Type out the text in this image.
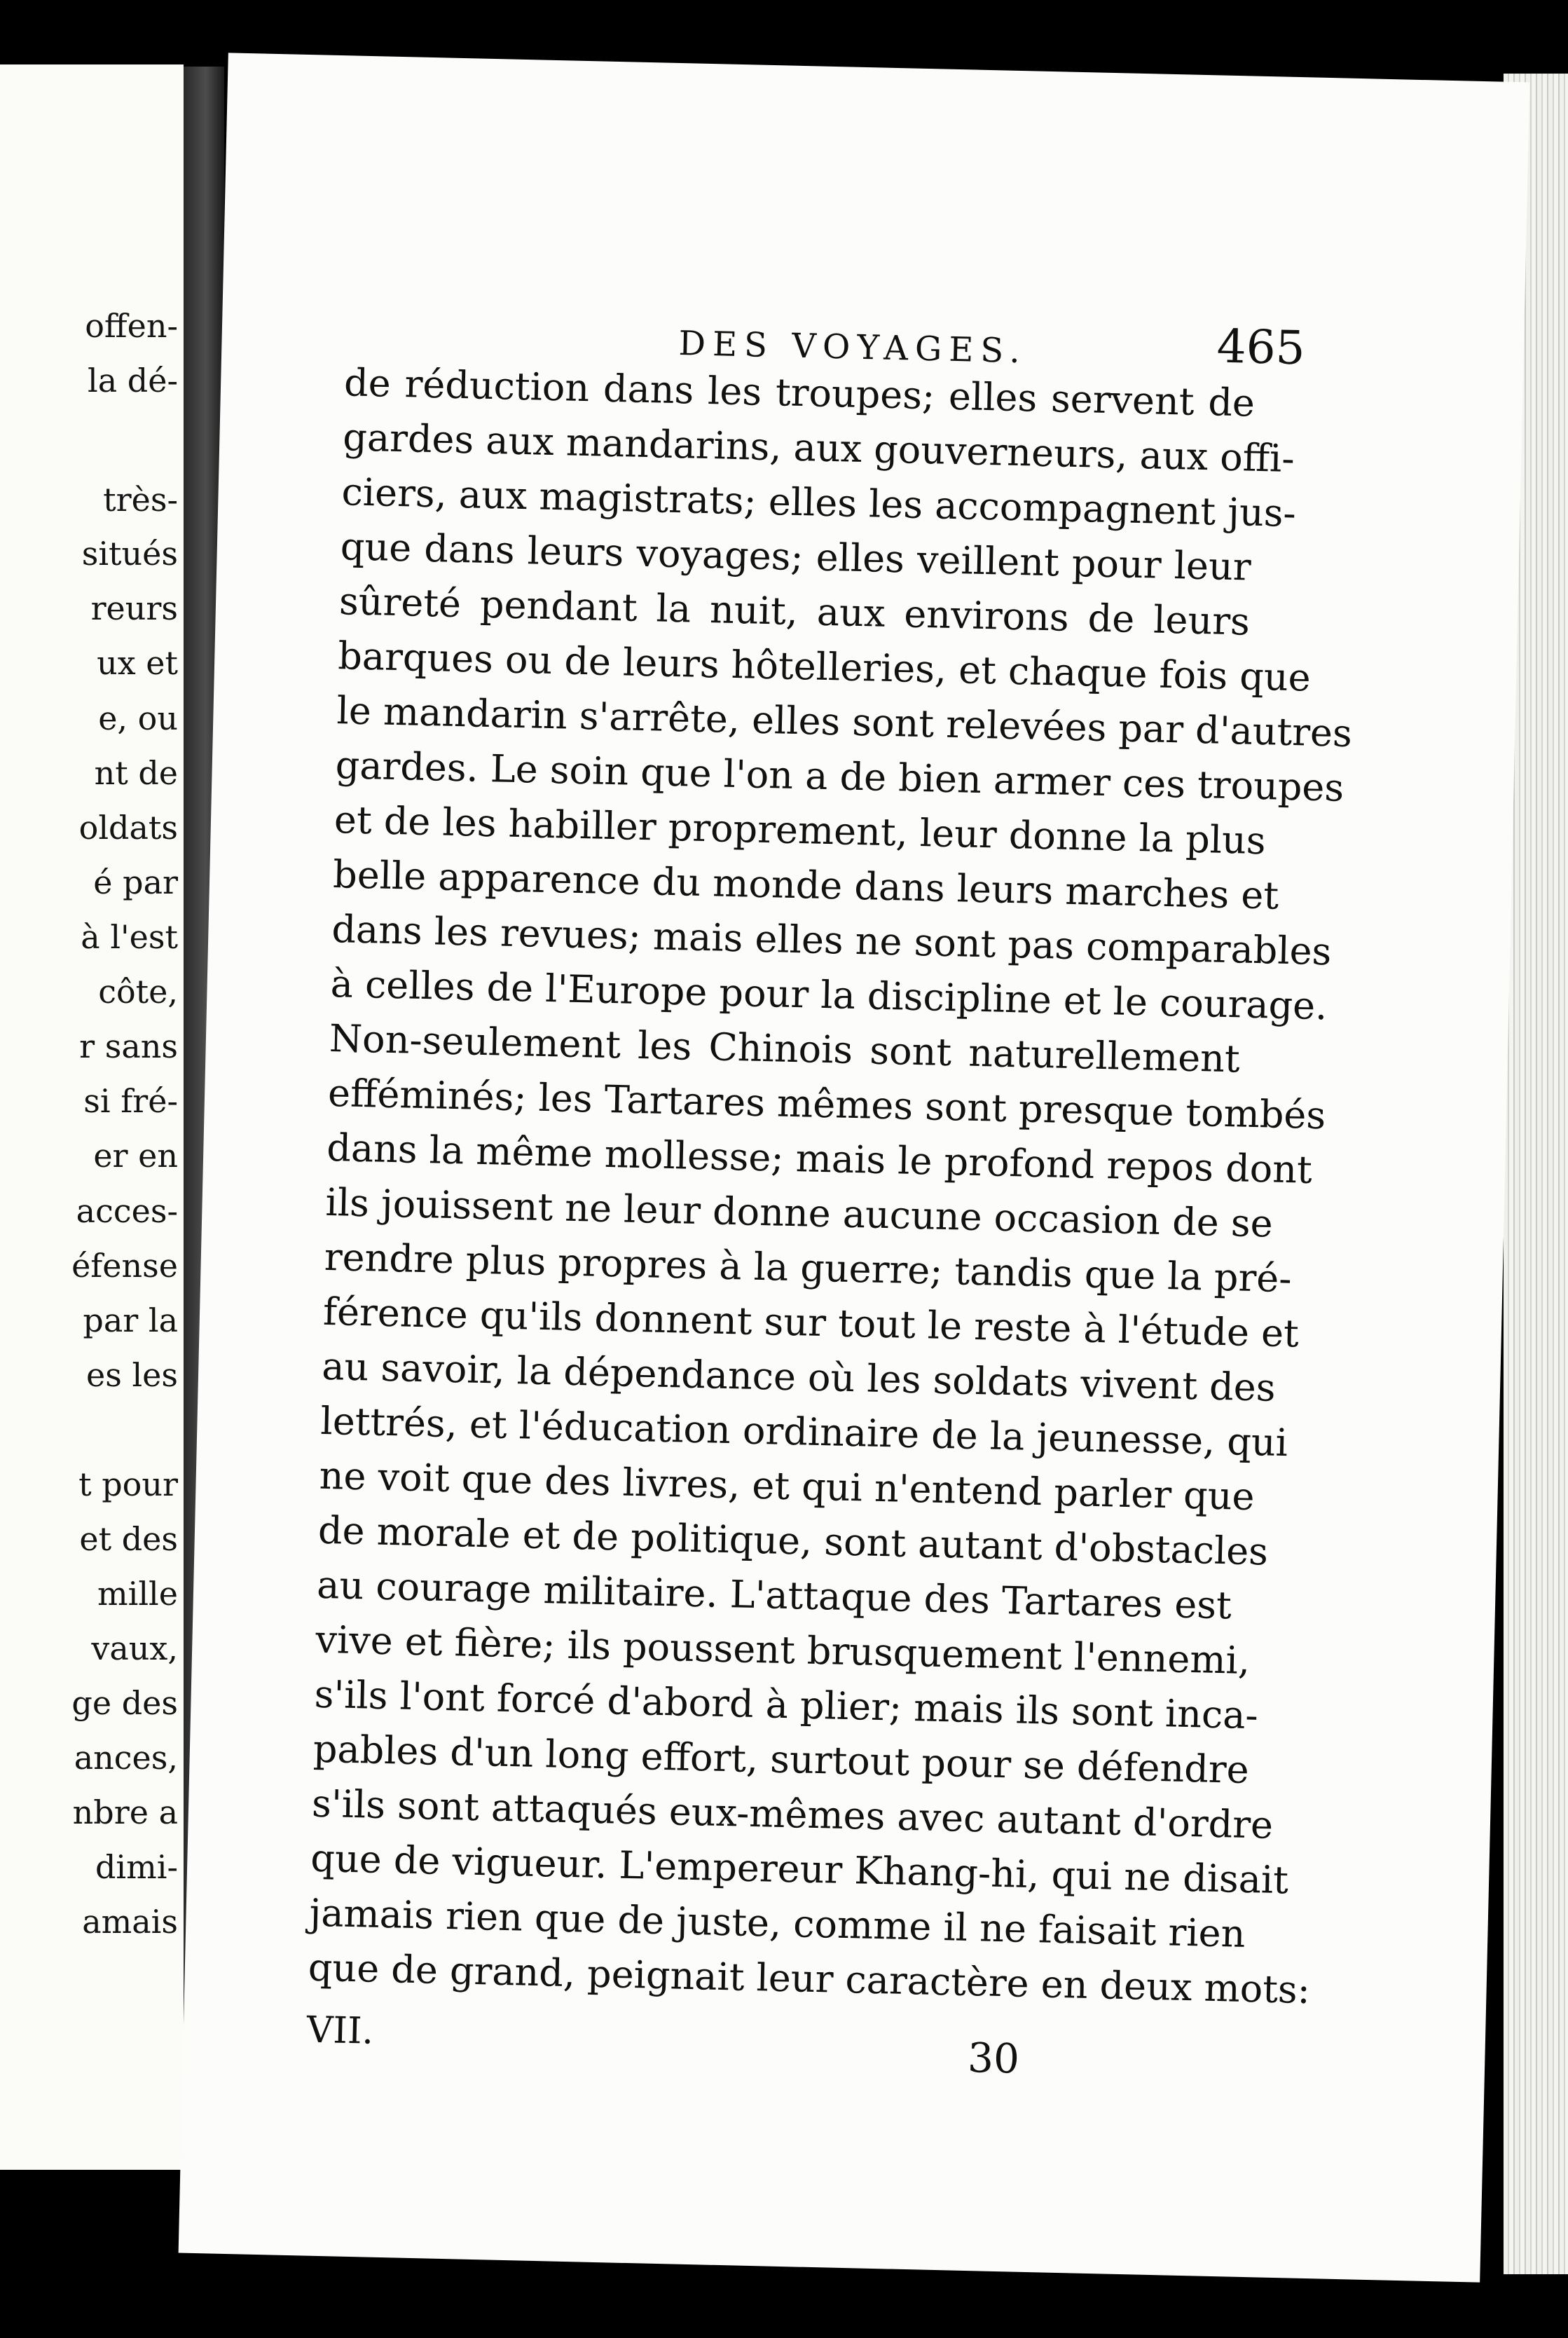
offen-
la dé-
très-
situés
reurs
ux et
e, ou
nt de
oldats
é par
à l'est
côte,
r sans
si fré-
er en
acces-
éfense
par la
es les
t pour
et des
mille
vaux,
ge des
ances,
nbre a
dimi-
amais
DES VOYAGES.	465
de réduction dans les troupes; elles servent de
gardes aux mandarins, aux gouverneurs, aux offi-
ciers, aux magistrats; elles les accompagnent jus-
que dans leurs voyages; elles veillent pour leur
sûreté pendant la nuit, aux environs de leurs
barques ou de leurs hôtelleries, et chaque fois que
le mandarin s'arrête, elles sont relevées par d'autres
gardes. Le soin que l'on a de bien armer ces troupes
et de les habiller proprement, leur donne la plus
belle apparence du monde dans leurs marches et
dans les revues; mais elles ne sont pas comparables
à celles de l'Europe pour la discipline et le courage.
Non-seulement les Chinois sont naturellement
efféminés; les Tartares mêmes sont presque tombés
dans la même mollesse; mais le profond repos dont
ils jouissent ne leur donne aucune occasion de se
rendre plus propres à la guerre; tandis que la pré-
férence qu'ils donnent sur tout le reste à l'étude et
au savoir, la dépendance où les soldats vivent des
lettrés, et l'éducation ordinaire de la jeunesse, qui
ne voit que des livres, et qui n'entend parler que
de morale et de politique, sont autant d'obstacles
au courage militaire. L'attaque des Tartares est
vive et fière; ils poussent brusquement l'ennemi,
s'ils l'ont forcé d'abord à plier; mais ils sont inca-
pables d'un long effort, surtout pour se défendre
s'ils sont attaqués eux-mêmes avec autant d'ordre
que de vigueur. L'empereur Khang-hi, qui ne disait
jamais rien que de juste, comme il ne faisait rien
que de grand, peignait leur caractère en deux mots:
VII.
30
